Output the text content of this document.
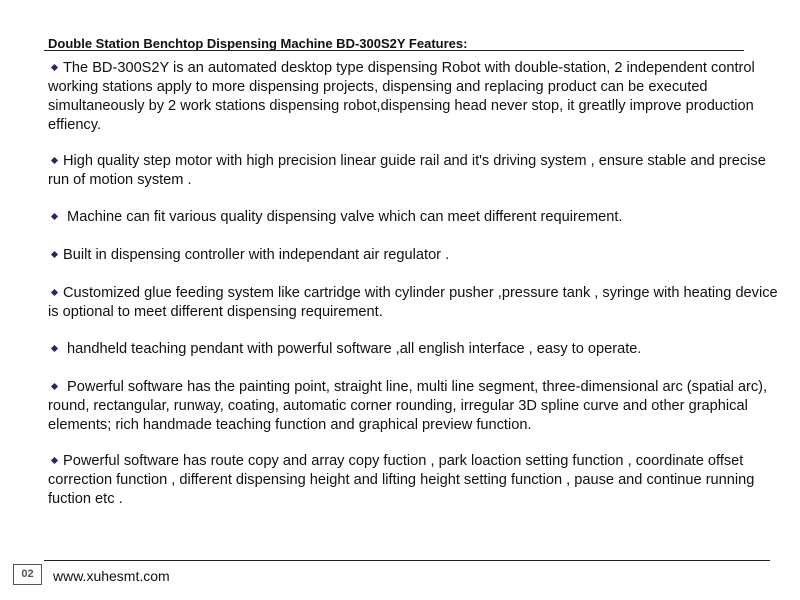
Double Station Benchtop Dispensing Machine BD-300S2Y Features:
The BD-300S2Y is an automated desktop type dispensing Robot with double-station, 2 independent control working stations apply to more dispensing projects, dispensing and replacing product can be executed simultaneously by 2 work stations dispensing robot,dispensing head never stop, it greatlly improve production effiency.
High quality step motor with high precision linear guide rail and it's driving system , ensure stable and precise run of motion system .
Machine can fit various quality dispensing valve which can meet different requirement.
Built in dispensing controller with independant air regulator .
Customized glue feeding system like cartridge with cylinder pusher ,pressure tank , syringe with heating device is optional to meet different dispensing requirement.
handheld teaching pendant with powerful software ,all english interface , easy to operate.
Powerful software has the painting point, straight line, multi line segment, three-dimensional arc (spatial arc), round, rectangular, runway, coating, automatic corner rounding, irregular 3D spline curve and other graphical elements; rich handmade teaching function and graphical preview function.
Powerful software has route copy and array copy fuction , park loaction setting function , coordinate offset correction function , different dispensing height and lifting height setting function , pause and continue running fuction etc .
02	www.xuhesmt.com
